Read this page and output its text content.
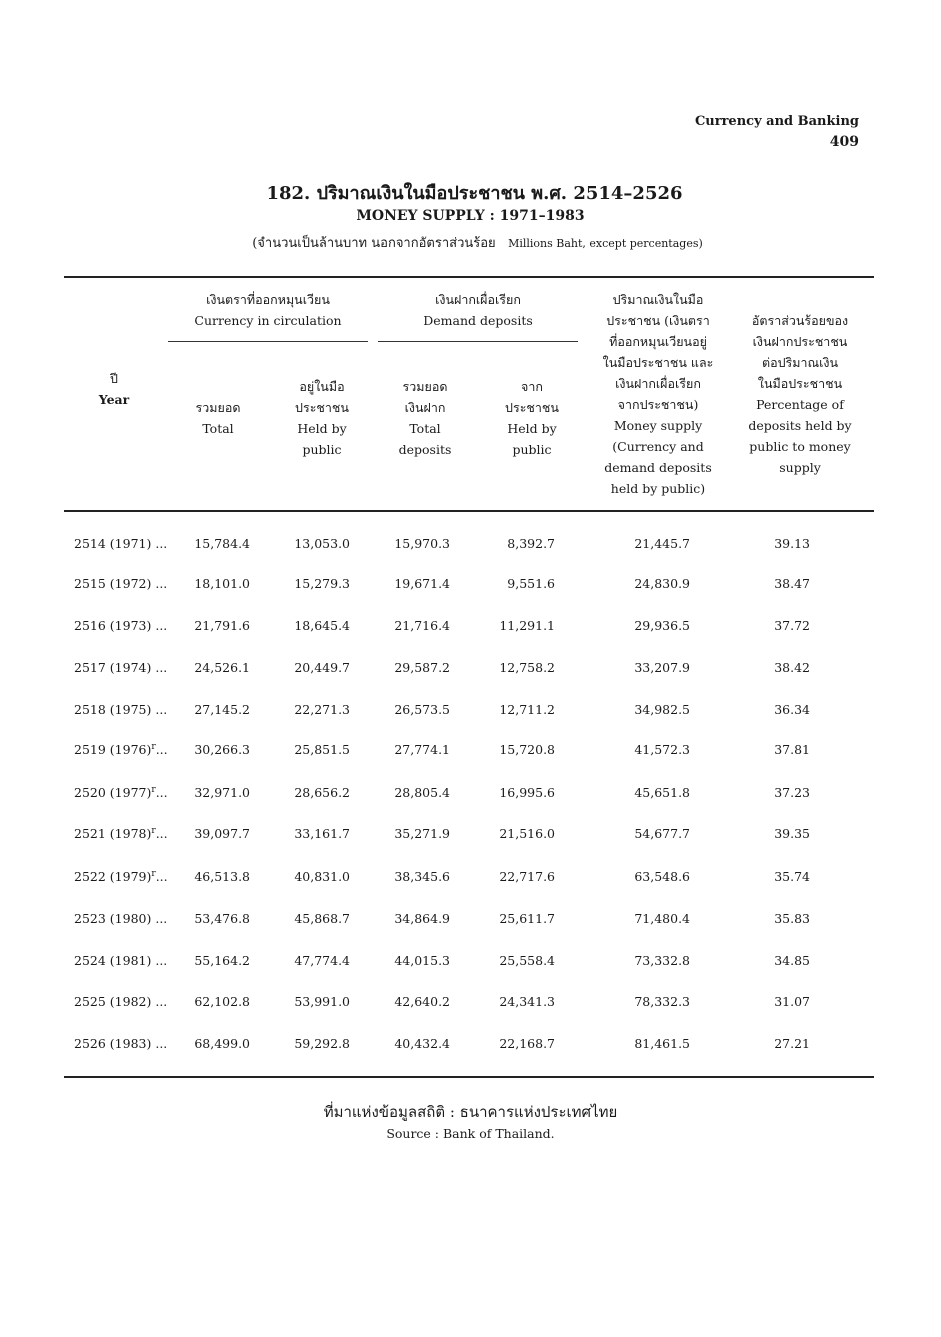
Currency and Banking
409
182. ปริมาณเงินในมือประชาชน พ.ศ. 2514–2526
MONEY SUPPLY : 1971–1983
(จำนวนเป็นล้านบาท นอกจากอัตราส่วนร้อย Millions Baht, except percentages)
ปี
Year
เงินตราที่ออกหมุนเวียน
Currency in circulation
รวมยอด
Total
อยู่ในมือ
ประชาชน
Held by
public
เงินฝากเผื่อเรียก
Demand deposits
รวมยอด
เงินฝาก
Total
deposits
จาก
ประชาชน
Held by
public
ปริมาณเงินในมือ
ประชาชน (เงินตรา
ที่ออกหมุนเวียนอยู่
ในมือประชาชน และ
เงินฝากเผื่อเรียก
จากประชาชน)
Money supply
(Currency and
demand deposits
held by public)
อัตราส่วนร้อยของ
เงินฝากประชาชน
ต่อปริมาณเงิน
ในมือประชาชน
Percentage of
deposits held by
public to money
supply
2514 (1971) ...	15,784.4	13,053.0	15,970.3	8,392.7	21,445.7	39.13
2515 (1972) ...	18,101.0	15,279.3	19,671.4	9,551.6	24,830.9	38.47
2516 (1973) ...	21,791.6	18,645.4	21,716.4	11,291.1	29,936.5	37.72
2517 (1974) ...	24,526.1	20,449.7	29,587.2	12,758.2	33,207.9	38.42
2518 (1975) ...	27,145.2	22,271.3	26,573.5	12,711.2	34,982.5	36.34
2519 $(1976)^r$...	30,266.3	25,851.5	27,774.1	15,720.8	41,572.3	37.81
2520 $(1977)^r$...	32,971.0	28,656.2	28,805.4	16,995.6	45,651.8	37.23
2521 $(1978)^r$...	39,097.7	33,161.7	35,271.9	21,516.0	54,677.7	39.35
2522 $(1979)^r$...	46,513.8	40,831.0	38,345.6	22,717.6	63,548.6	35.74
2523 (1980) ...	53,476.8	45,868.7	34,864.9	25,611.7	71,480.4	35.83
2524 (1981) ...	55,164.2	47,774.4	44,015.3	25,558.4	73,332.8	34.85
2525 (1982) ...	62,102.8	53,991.0	42,640.2	24,341.3	78,332.3	31.07
2526 (1983) ...	68,499.0	59,292.8	40,432.4	22,168.7	81,461.5	27.21
ที่มาแห่งข้อมูลสถิติ : ธนาคารแห่งประเทศไทย
Source : Bank of Thailand.
